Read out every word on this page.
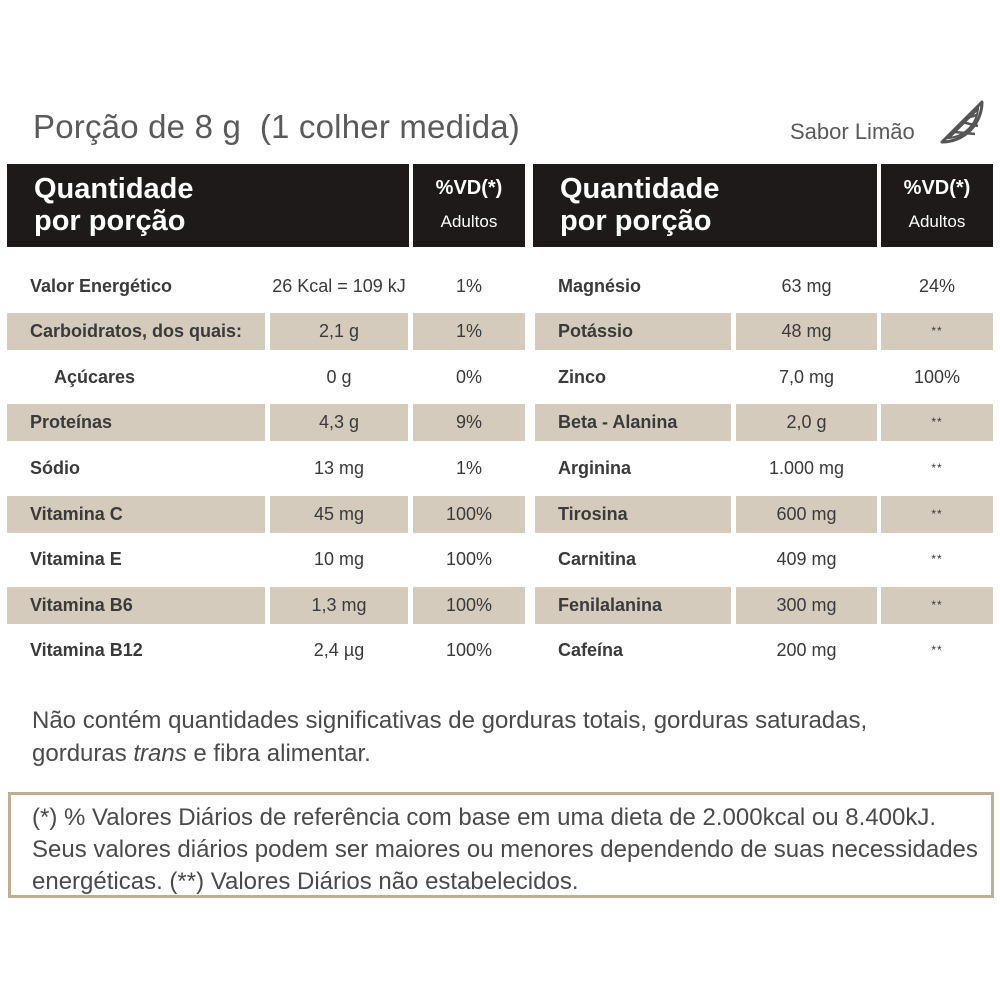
Porção de 8 g  (1 colher medida)	Sabor Limão
Quantidade
por porção
%VD(*)
Adultos
Quantidade
por porção
%VD(*)
Adultos
Valor Energético	26 Kcal = 109 kJ	1%
Carboidratos, dos quais:	2,1 g	1%
Açúcares	0 g	0%
Proteínas	4,3 g	9%
Sódio	13 mg	1%
Vitamina C	45 mg	100%
Vitamina E	10 mg	100%
Vitamina B6	1,3 mg	100%
Vitamina B12	2,4 µg	100%
Magnésio	63 mg	24%
Potássio	48 mg	**
Zinco	7,0 mg	100%
Beta - Alanina	2,0 g	**
Arginina	1.000 mg	**
Tirosina	600 mg	**
Carnitina	409 mg	**
Fenilalanina	300 mg	**
Cafeína	200 mg	**
Não contém quantidades significativas de gorduras totais, gorduras saturadas, gorduras trans e fibra alimentar.
(*) % Valores Diários de referência com base em uma dieta de 2.000kcal ou 8.400kJ. Seus valores diários podem ser maiores ou menores dependendo de suas necessidades energéticas. (**) Valores Diários não estabelecidos.
